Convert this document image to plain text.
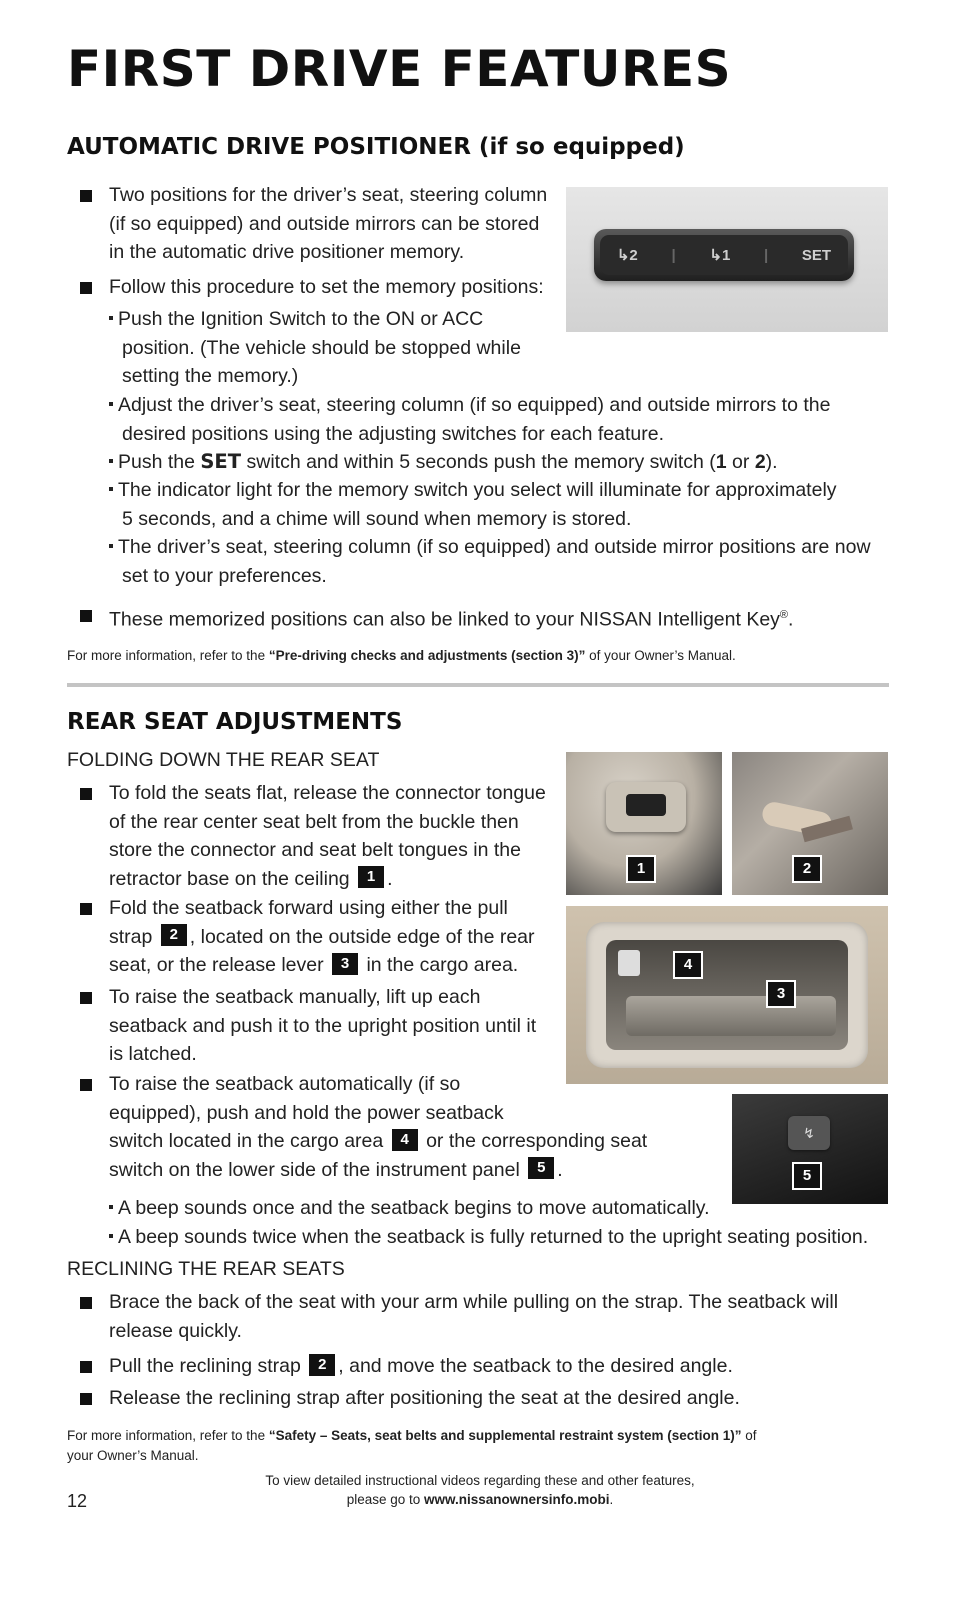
FIRST DRIVE FEATURES
AUTOMATIC DRIVE POSITIONER (if so equipped)
Two positions for the driver’s seat, steering column
(if so equipped) and outside mirrors can be stored
in the automatic drive positioner memory.
Follow this procedure to set the memory positions:
Push the Ignition Switch to the ON or ACC
position. (The vehicle should be stopped while
setting the memory.)
Adjust the driver’s seat, steering column (if so equipped) and outside mirrors to the
desired positions using the adjusting switches for each feature.
Push the SET switch and within 5 seconds push the memory switch (1 or 2).
The indicator light for the memory switch you select will illuminate for approximately
5 seconds, and a chime will sound when memory is stored.
The driver’s seat, steering column (if so equipped) and outside mirror positions are now
set to your preferences.
These memorized positions can also be linked to your NISSAN Intelligent Key®.
For more information, refer to the “Pre-driving checks and adjustments (section 3)” of your Owner’s Manual.
↳2 | ↳1 | SET
REAR SEAT ADJUSTMENTS
FOLDING DOWN THE REAR SEAT
To fold the seats flat, release the connector tongue
of the rear center seat belt from the buckle then
store the connector and seat belt tongues in the
retractor base on the ceiling 1 .
Fold the seatback forward using either the pull
strap 2 , located on the outside edge of the rear
seat, or the release lever 3 in the cargo area.
To raise the seatback manually, lift up each
seatback and push it to the upright position until it
is latched.
To raise the seatback automatically (if so
equipped), push and hold the power seatback
switch located in the cargo area 4 or the corresponding seat
switch on the lower side of the instrument panel 5 .
A beep sounds once and the seatback begins to move automatically.
A beep sounds twice when the seatback is fully returned to the upright seating position.
RECLINING THE REAR SEATS
Brace the back of the seat with your arm while pulling on the strap. The seatback will
release quickly.
Pull the reclining strap 2 , and move the seatback to the desired angle.
Release the reclining strap after positioning the seat at the desired angle.
For more information, refer to the “Safety – Seats, seat belts and supplemental restraint system (section 1)” of
your Owner’s Manual.
1	2
4
3
↯
5
12
To view detailed instructional videos regarding these and other features,
please go to www.nissanownersinfo.mobi.
